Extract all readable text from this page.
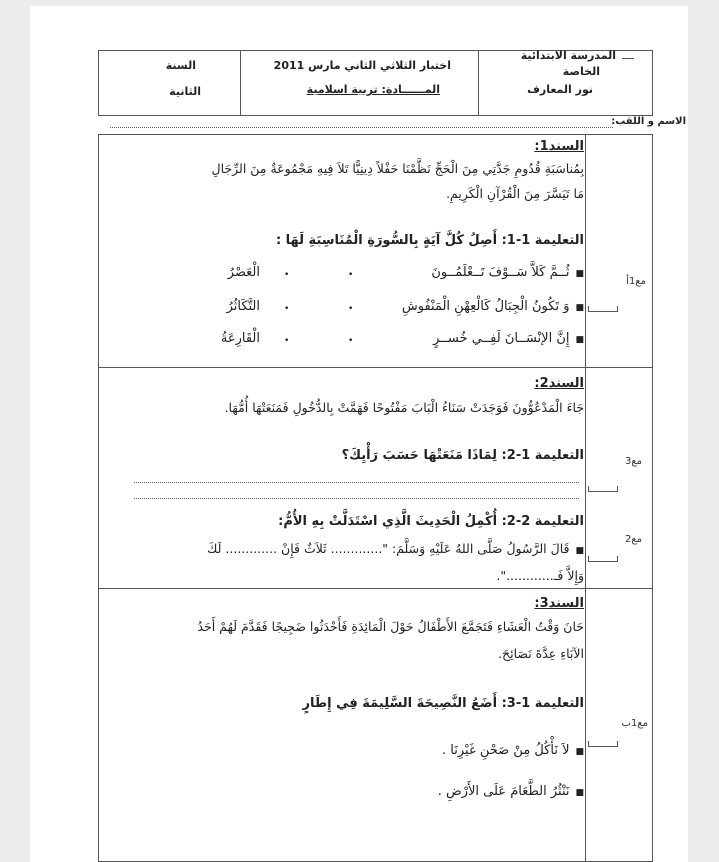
المدرسة الابتدائية
الخاصة
نور المعارف
اختبار الثلاثي الثاني مارس 2011
المــــــادة: تربية اسلامية
السنة
الثانية
الاسم و اللقب:
السند1:
بِمُناسَبَةِ قُدُومِ جَدَّتِي مِنَ الْحَجِّ نَظَّمْنَا حَفْلاً دِينِيًّا تَلاَ فِيهِ مَجْمُوعَةٌ مِنَ الرِّجَالِ
مَا تَيَسَّرَ مِنَ الْقُرْآنِ الْكَرِيمِ.
التعليمة 1-1: أَصِلُ كُلَّ آيَةٍ بِالسُّورَةِ الْمُنَاسِبَةِ لَهَا :
■ثُــمَّ كَلاَّ سَــوْفَ تَــعْلَمُــونَ
■وَ تَكُونُ الْجِبَالُ كَالْعِهْنِ الْمَنْفُوشِ
■إِنَّ الإنْسَــانَ لَفِــي خُســرٍ
•
•
•
•
•
•
الْعَصْرُ
التَّكَاثُرُ
الْقَارِعَةُ
مع1أ
السند2:
جَاءَ الْمَدْعُوُّونَ فَوَجَدَتْ سَنَاءُ الْبَابَ مَفْتُوحًا فَهَمَّتْ بِالدُّخُولِ فَمَنَعَتْهَا أُمُّهَا.
التعليمة 1-2: لِمَاذَا مَنَعَتْهَا حَسَبَ رَأْيِكَ؟
التعليمة 2-2: أُكْمِلُ الْحَدِيثَ الَّذِي اسْتَدَلَّتْ بِهِ الأُمُّ:
■قَالَ الرَّسُولُ صَلَّى اللهُ عَلَيْهِ وَسَلَّمَ: "............. ثَلاَثٌ فَإِنْ ............. لَكَ
وَإِلاَّ فَـ............".
مع3
مع2
السند3:
حَانَ وَقْتُ الْعَشَاءِ فَتَجَمَّعَ الأَطْفَالُ حَوْلَ الْمَائِدَةِ فَأَحْدَثُوا ضَجِيجًا فَقَدَّمَ لَهُمْ أَحَدُ
الآبَاءِ عِدَّةَ نَصَائِحَ.
التعليمة 1-3: أَضَعُ النَّصِيحَةَ السَّلِيمَةَ فِي إِطَارٍ
■لاَ نَأْكُلُ مِنْ صَحْنِ غَيْرِنَا .
■نَنْثُرُ الطَّعَامَ عَلَى الأَرْضِ .
مع1ب
